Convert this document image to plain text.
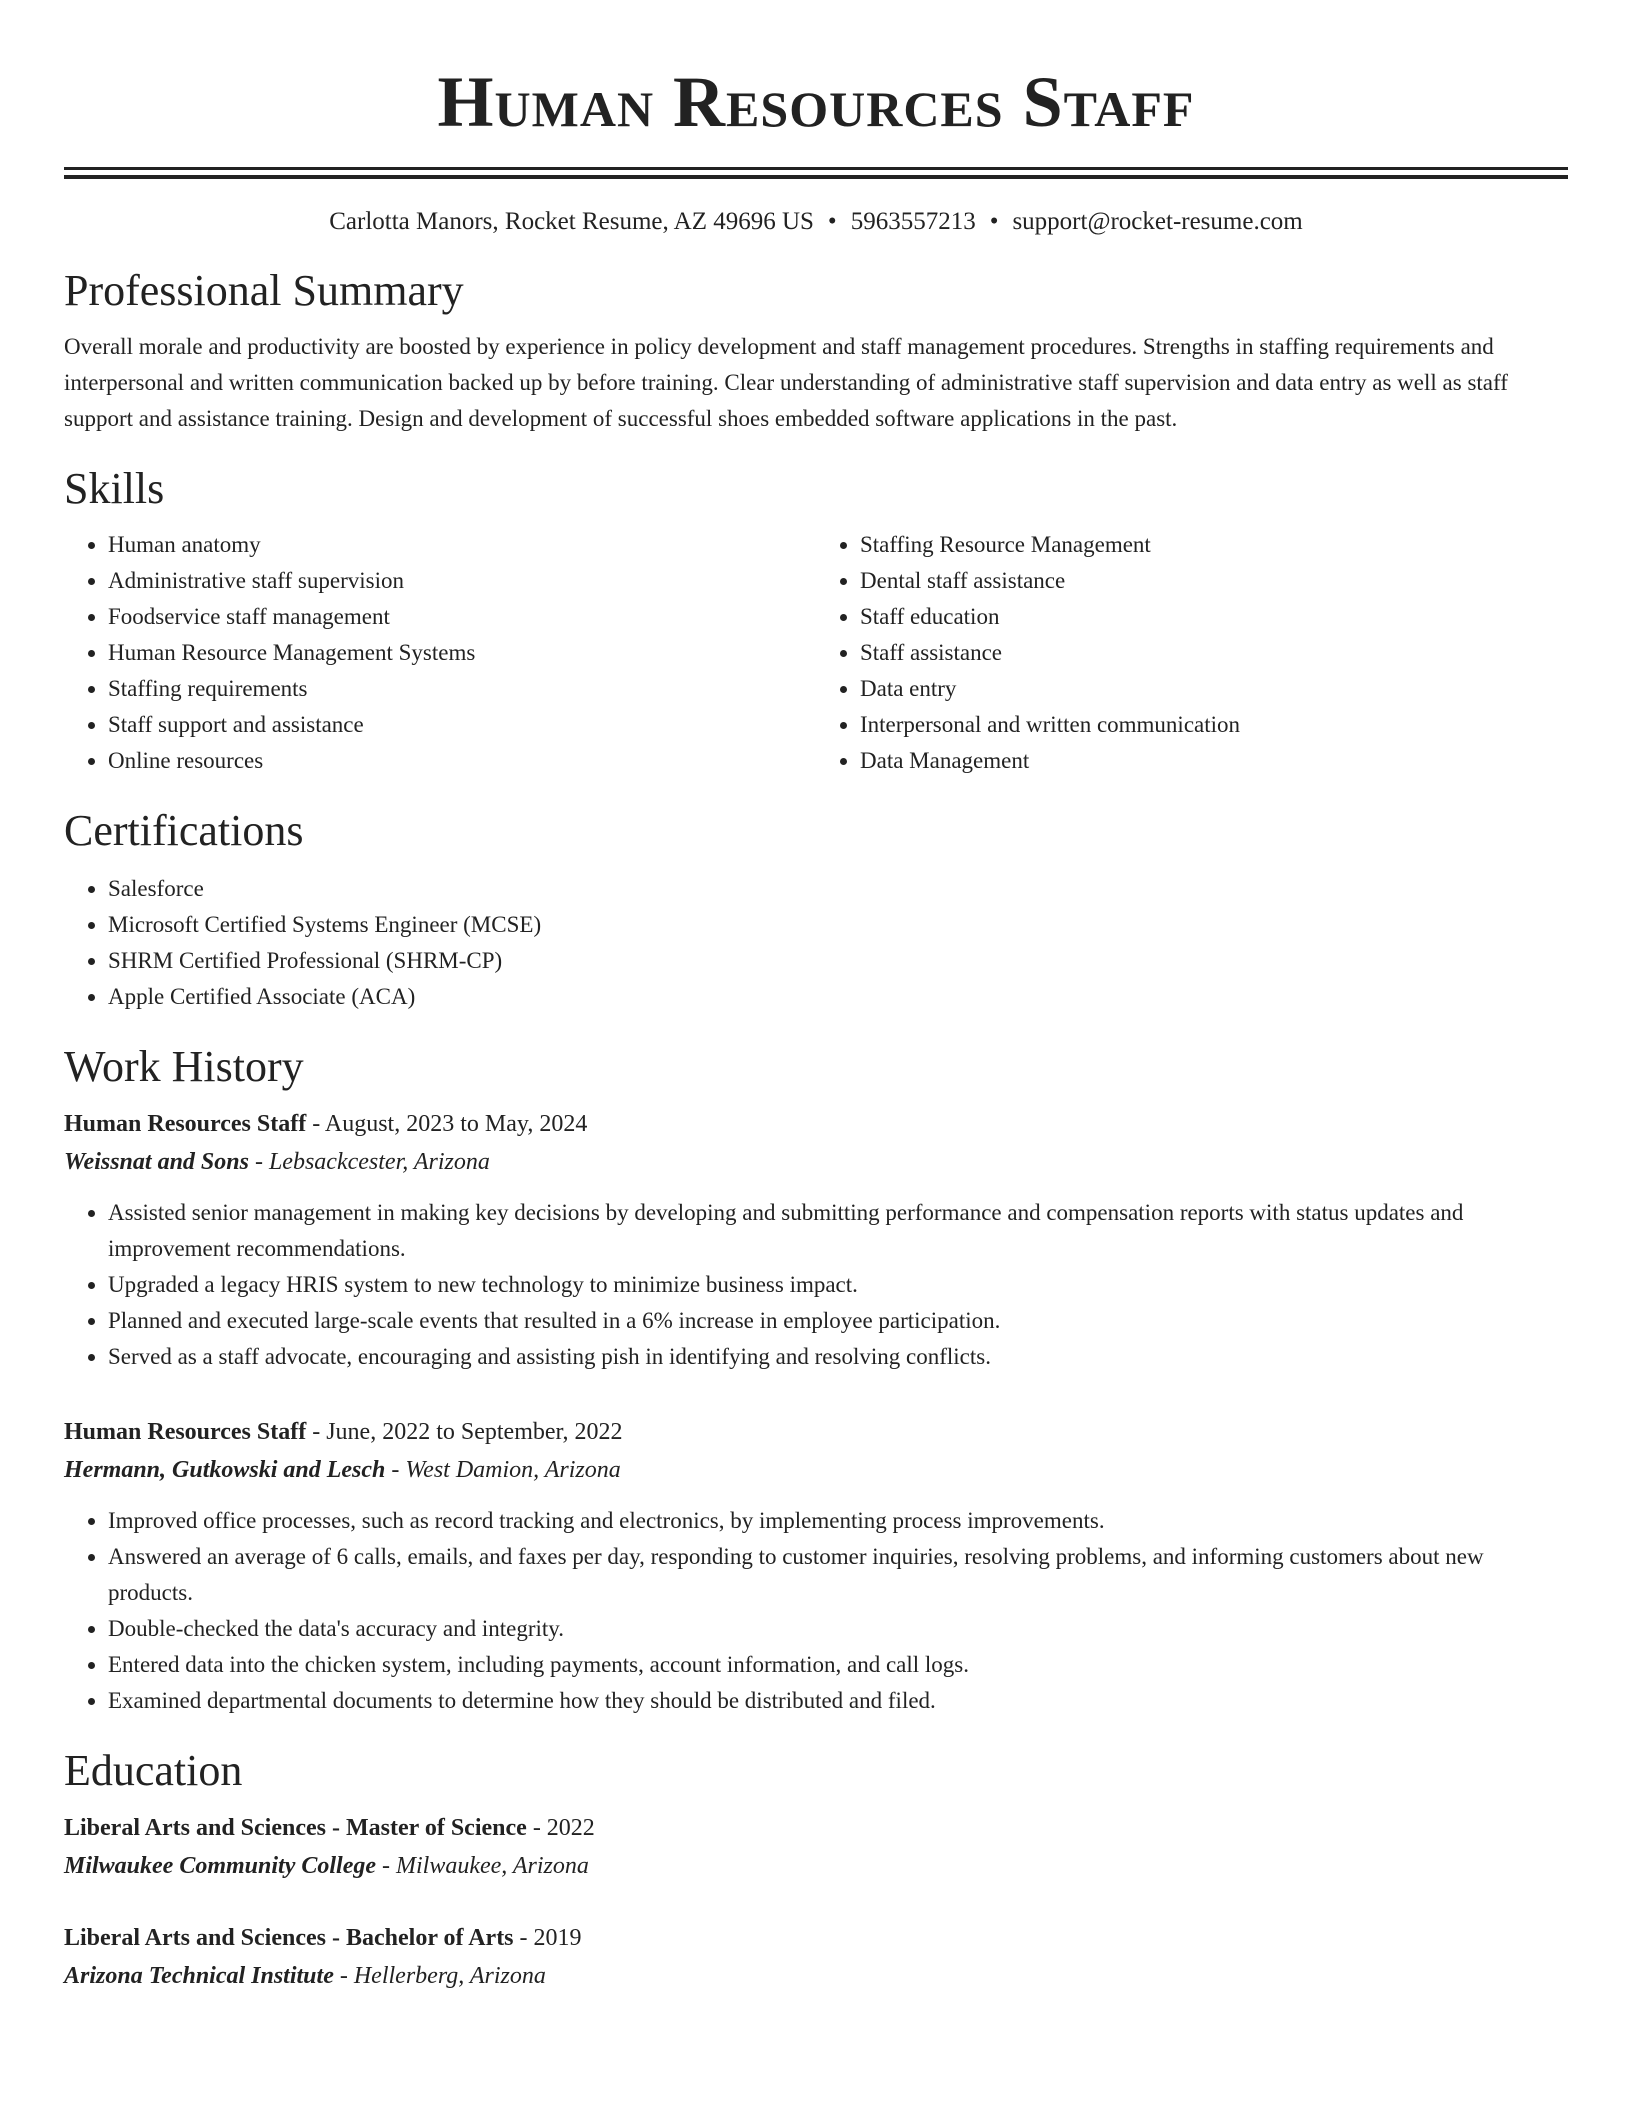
Human Resources Staff
Carlotta Manors, Rocket Resume, AZ 49696 US • 5963557213 • support@rocket-resume.com
Professional Summary

Overall morale and productivity are boosted by experience in policy development and staff management procedures. Strengths in staffing requirements and interpersonal and written communication backed up by before training. Clear understanding of administrative staff supervision and data entry as well as staff support and assistance training. Design and development of successful shoes embedded software applications in the past.

Skills
• Human anatomy
• Administrative staff supervision
• Foodservice staff management
• Human Resource Management Systems
• Staffing requirements
• Staff support and assistance
• Online resources
• Staffing Resource Management
• Dental staff assistance
• Staff education
• Staff assistance
• Data entry
• Interpersonal and written communication
• Data Management
Certifications
• Salesforce
• Microsoft Certified Systems Engineer (MCSE)
• SHRM Certified Professional (SHRM-CP)
• Apple Certified Associate (ACA)
Work History
Human Resources Staff - August, 2023 to May, 2024
Weissnat and Sons - Lebsackcester, Arizona
• Assisted senior management in making key decisions by developing and submitting performance and compensation reports with status updates and improvement recommendations.
• Upgraded a legacy HRIS system to new technology to minimize business impact.
• Planned and executed large-scale events that resulted in a 6% increase in employee participation.
• Served as a staff advocate, encouraging and assisting pish in identifying and resolving conflicts.
Human Resources Staff - June, 2022 to September, 2022
Hermann, Gutkowski and Lesch - West Damion, Arizona
• Improved office processes, such as record tracking and electronics, by implementing process improvements.
• Answered an average of 6 calls, emails, and faxes per day, responding to customer inquiries, resolving problems, and informing customers about new products.
• Double-checked the data's accuracy and integrity.
• Entered data into the chicken system, including payments, account information, and call logs.
• Examined departmental documents to determine how they should be distributed and filed.
Education
Liberal Arts and Sciences - Master of Science - 2022
Milwaukee Community College - Milwaukee, Arizona
Liberal Arts and Sciences - Bachelor of Arts - 2019
Arizona Technical Institute - Hellerberg, Arizona
